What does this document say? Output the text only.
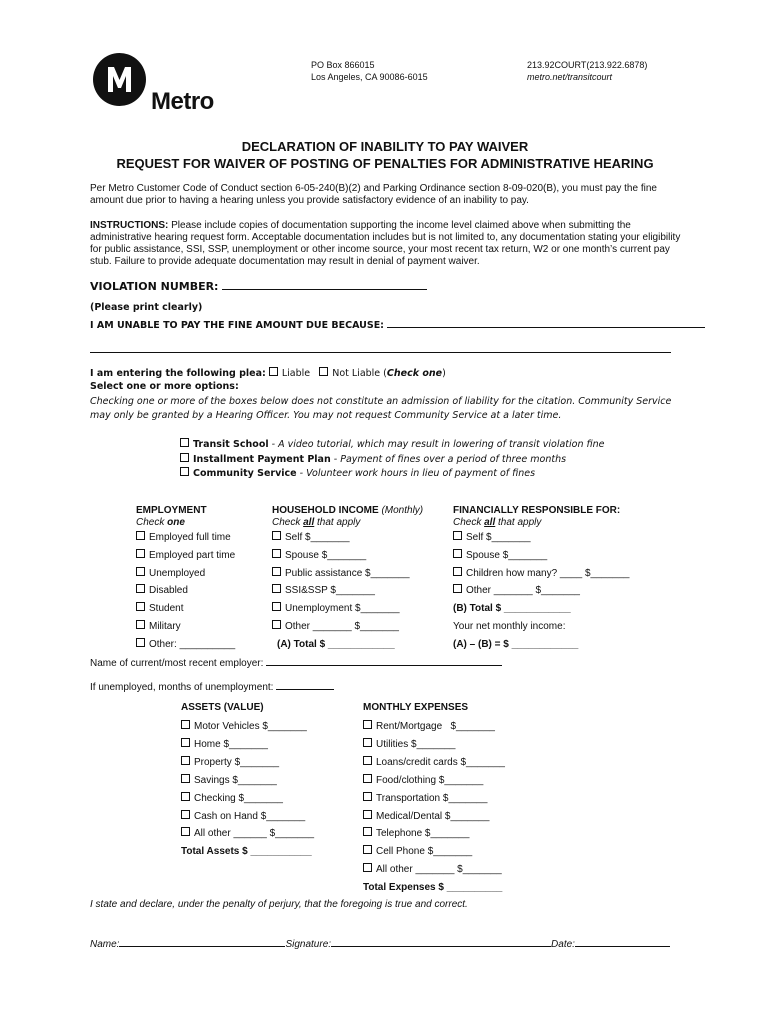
Metro
PO Box 866015
Los Angeles, CA 90086-6015
213.92COURT(213.922.6878)
metro.net/transitcourt
DECLARATION OF INABILITY TO PAY WAIVER
REQUEST FOR WAIVER OF POSTING OF PENALTIES FOR ADMINISTRATIVE HEARING
Per Metro Customer Code of Conduct section 6-05-240(B)(2) and Parking Ordinance section 8-09-020(B), you must pay the fine amount due prior to having a hearing unless you provide satisfactory evidence of an inability to pay.
INSTRUCTIONS: Please include copies of documentation supporting the income level claimed above when submitting the administrative hearing request form. Acceptable documentation includes but is not limited to, any documentation stating your eligibility for public assistance, SSI, SSP, unemployment or other income source, your most recent tax return, W2 or one month’s current pay stub. Failure to provide adequate documentation may result in denial of payment waiver.
VIOLATION NUMBER:
(Please print clearly)
I AM UNABLE TO PAY THE FINE AMOUNT DUE BECAUSE:
I am entering the following plea: Liable Not Liable (Check one)
Select one or more options:
Checking one or more of the boxes below does not constitute an admission of liability for the citation. Community Service may only be granted by a Hearing Officer. You may not request Community Service at a later time.
Transit School - A video tutorial, which may result in lowering of transit violation fine
Installment Payment Plan - Payment of fines over a period of three months
Community Service - Volunteer work hours in lieu of payment of fines
EMPLOYMENT
Check one
Employed full time
Employed part time
Unemployed
Disabled
Student
Military
Other: __________
HOUSEHOLD INCOME (Monthly)
Check all that apply
Self $_______
Spouse $_______
Public assistance $_______
SSI&SSP $_______
Unemployment $_______
Other _______ $_______
(A) Total $ ____________
FINANCIALLY RESPONSIBLE FOR:
Check all that apply
Self $_______
Spouse $_______
Children how many? ____ $_______
Other _______ $_______
(B) Total $ ____________
Your net monthly income:
(A) – (B) = $ ____________
Name of current/most recent employer:
If unemployed, months of unemployment:
ASSETS (VALUE)
Motor Vehicles $_______
Home $_______
Property $_______
Savings $_______
Checking $_______
Cash on Hand $_______
All other ______ $_______
Total Assets $ ___________
MONTHLY EXPENSES
Rent/Mortgage   $_______
Utilities $_______
Loans/credit cards $_______
Food/clothing $_______
Transportation $_______
Medical/Dental $_______
Telephone $_______
Cell Phone $_______
All other _______ $_______
Total Expenses $ __________
I state and declare, under the penalty of perjury, that the foregoing is true and correct.
Name:	Signature:	Date:
